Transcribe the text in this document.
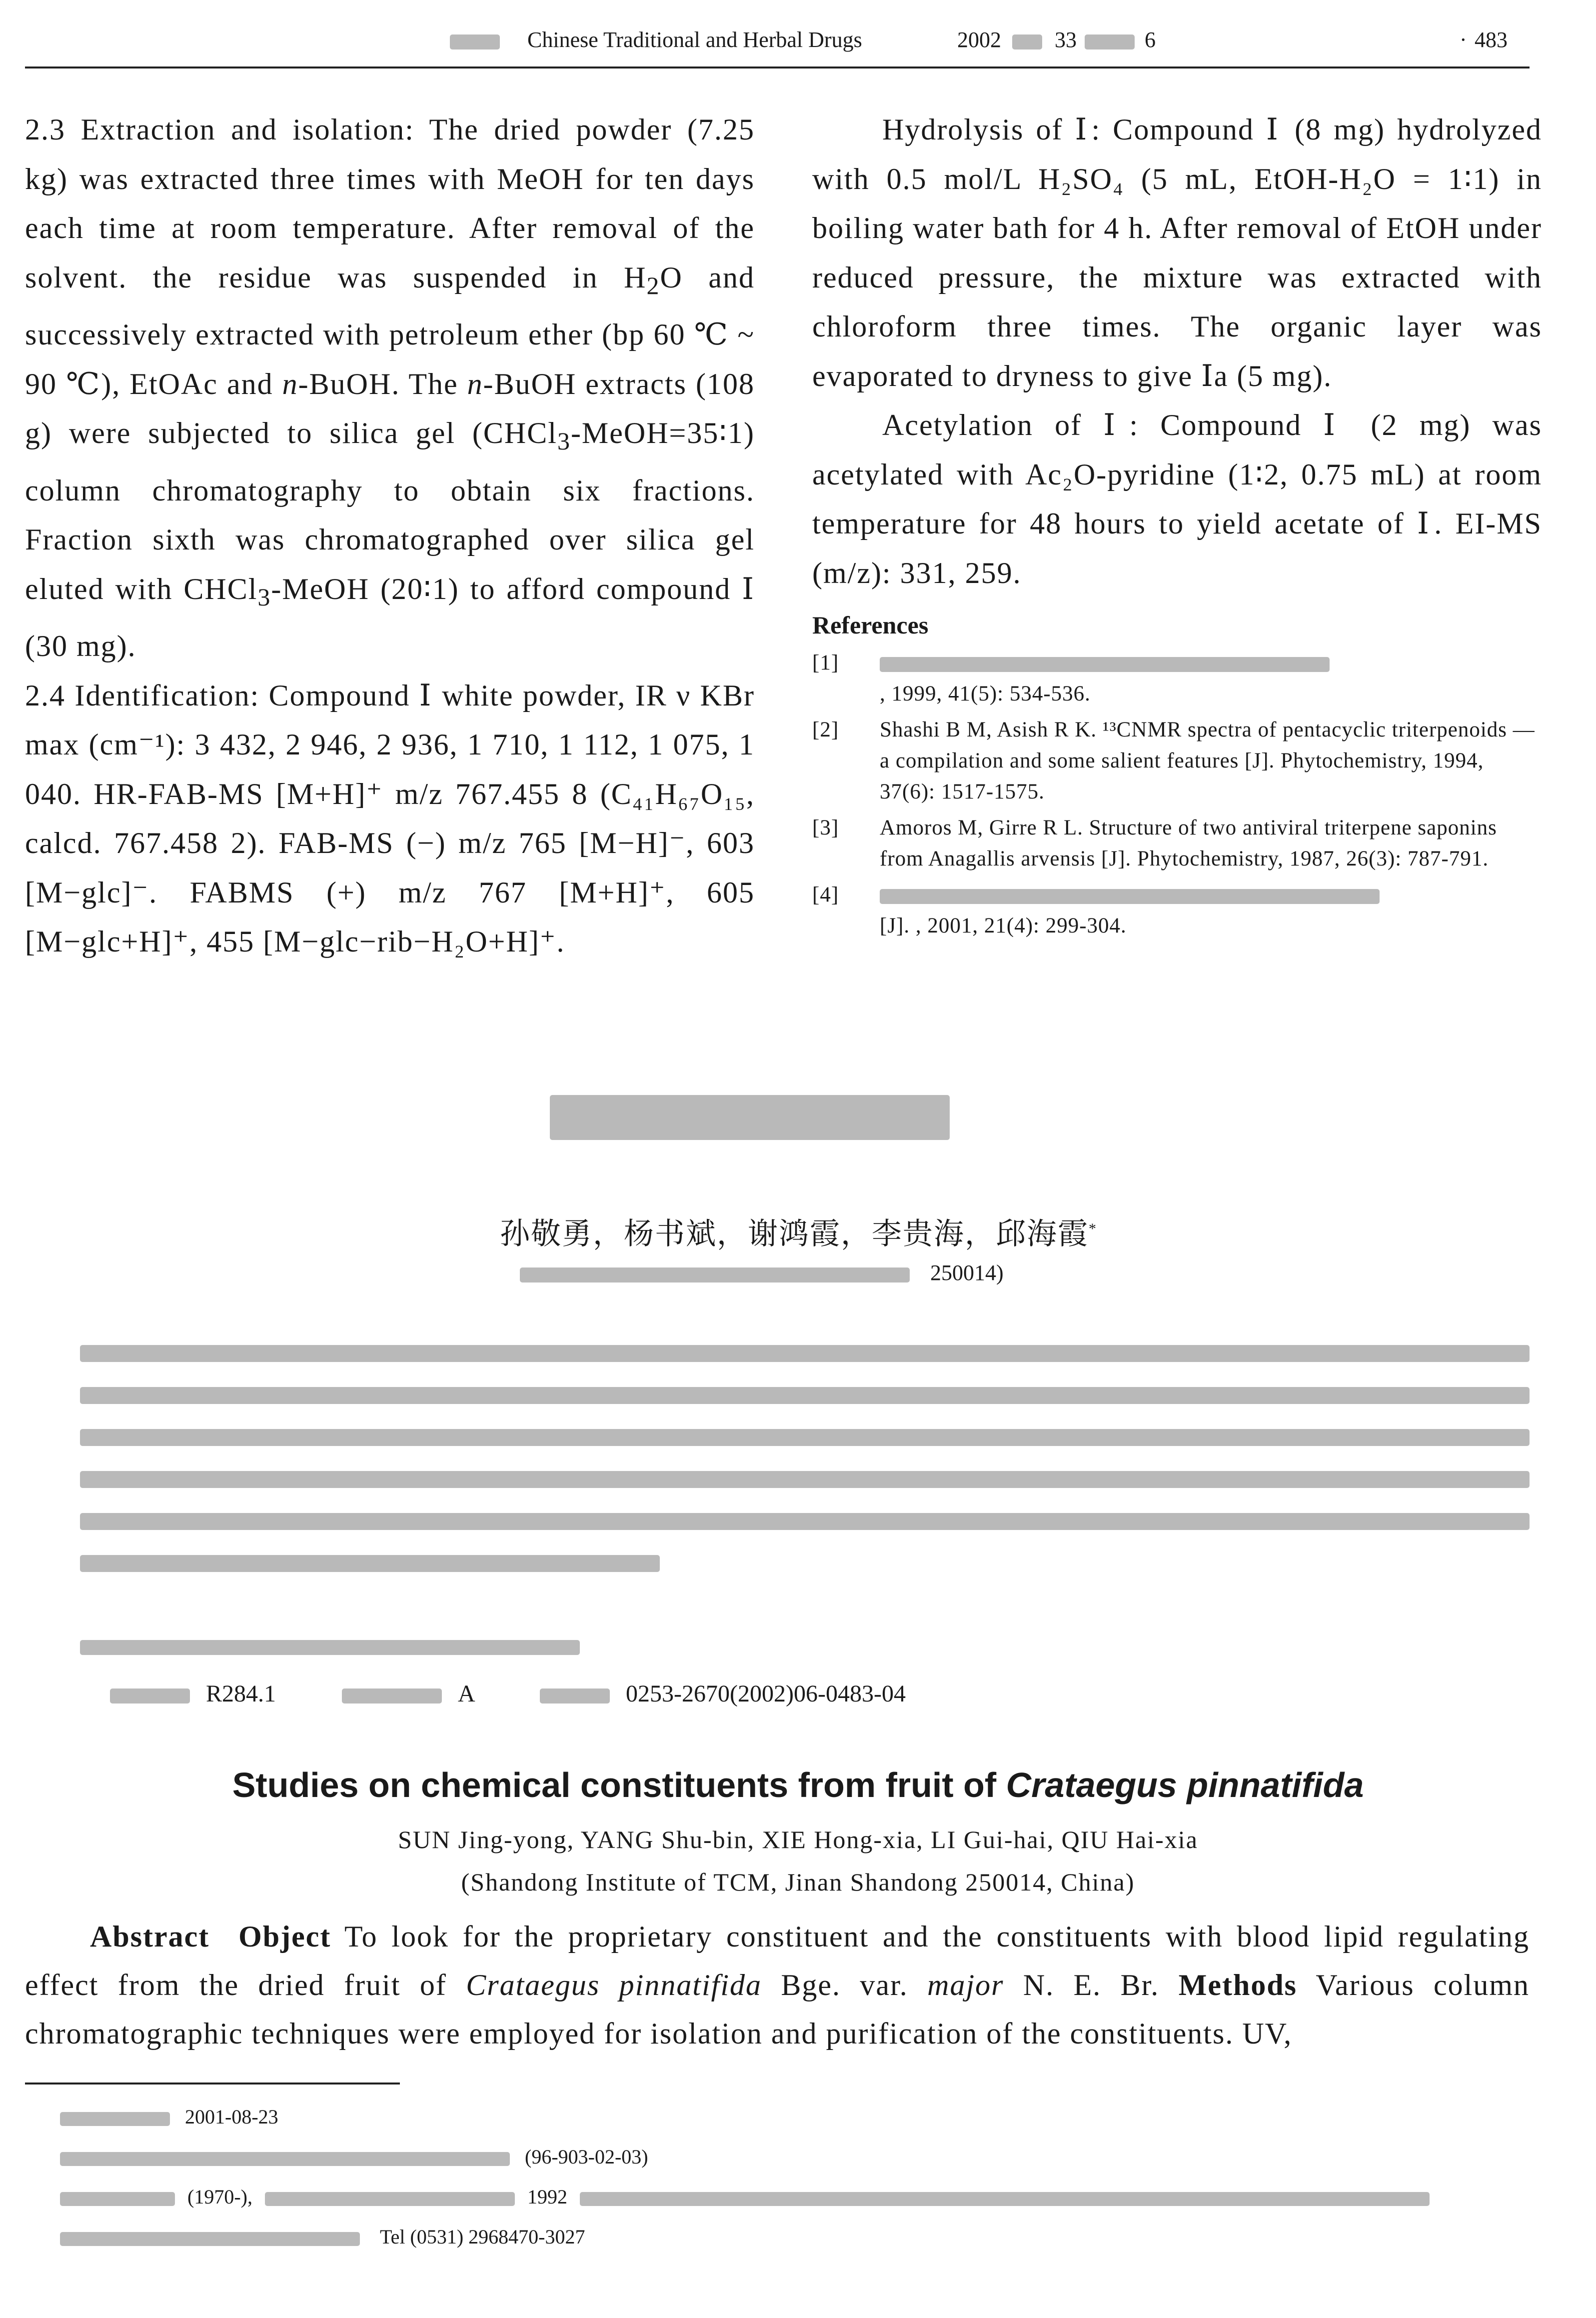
Chinese Traditional and Herbal Drugs	2002 33	6	· 483

2.3 Extraction and isolation: The dried powder (7.25 kg) was extracted three times with MeOH for ten days each time at room temperature. After removal of the solvent. the residue was suspended in $H_2O$ and successively extracted with petroleum ether (bp 60 ℃ ~ 90 ℃), EtOAc and n-BuOH. The n-BuOH extracts (108 g) were subjected to silica gel (CHCl$_3$-MeOH=35∶1) column chromatography to obtain six fractions. Fraction sixth was chromatographed over silica gel eluted with CHCl$_3$-MeOH (20∶1) to afford compound Ⅰ (30 mg).

2.4 Identification: Compound Ⅰ white powder, IR ν KBr max (cm⁻¹): 3 432, 2 946, 2 936, 1 710, 1 112, 1 075, 1 040. HR-FAB-MS [M+H]⁺ m/z 767.455 8 (C₄₁H₆₇O₁₅, calcd. 767.458 2). FAB-MS (−) m/z 765 [M−H]⁻, 603 [M−glc]⁻. FABMS (+) m/z 767 [M+H]⁺, 605 [M−glc+H]⁺, 455 [M−glc−rib−H₂O+H]⁺.

Hydrolysis of Ⅰ: Compound Ⅰ (8 mg) hydrolyzed with 0.5 mol/L H₂SO₄ (5 mL, EtOH-H₂O = 1∶1) in boiling water bath for 4 h. After removal of EtOH under reduced pressure, the mixture was extracted with chloroform three times. The organic layer was evaporated to dryness to give Ⅰa (5 mg).

Acetylation of Ⅰ: Compound Ⅰ (2 mg) was acetylated with Ac₂O-pyridine (1∶2, 0.75 mL) at room temperature for 48 hours to yield acetate of Ⅰ. EI-MS (m/z): 331, 259.

References
[1]

, 1999, 41(5): 534-536.
[2] Shashi B M, Asish R K. ¹³CNMR spectra of pentacyclic triterpenoids — a compilation and some salient features [J]. Phytochemistry, 1994, 37(6): 1517-1575.
[3] Amoros M, Girre R L. Structure of two antiviral triterpene saponins from Anagallis arvensis [J]. Phytochemistry, 1987, 26(3): 787-791.
[4]

[J]. , 2001, 21(4): 299-304.
孙敬勇，杨书斌，谢鸿霞，李贵海，邱海霞*
250014)
R284.1	A	0253-2670(2002)06-0483-04
Studies on chemical constituents from fruit of Crataegus pinnatifida
SUN Jing-yong, YANG Shu-bin, XIE Hong-xia, LI Gui-hai, QIU Hai-xia
(Shandong Institute of TCM, Jinan Shandong 250014, China)
Abstract Object To look for the proprietary constituent and the constituents with blood lipid regulating effect from the dried fruit of Crataegus pinnatifida Bge. var. major N. E. Br. Methods Various column chromatographic techniques were employed for isolation and purification of the constituents. UV,
2001-08-23
(96-903-02-03)
(1970-),	1992
Tel (0531) 2968470-3027
